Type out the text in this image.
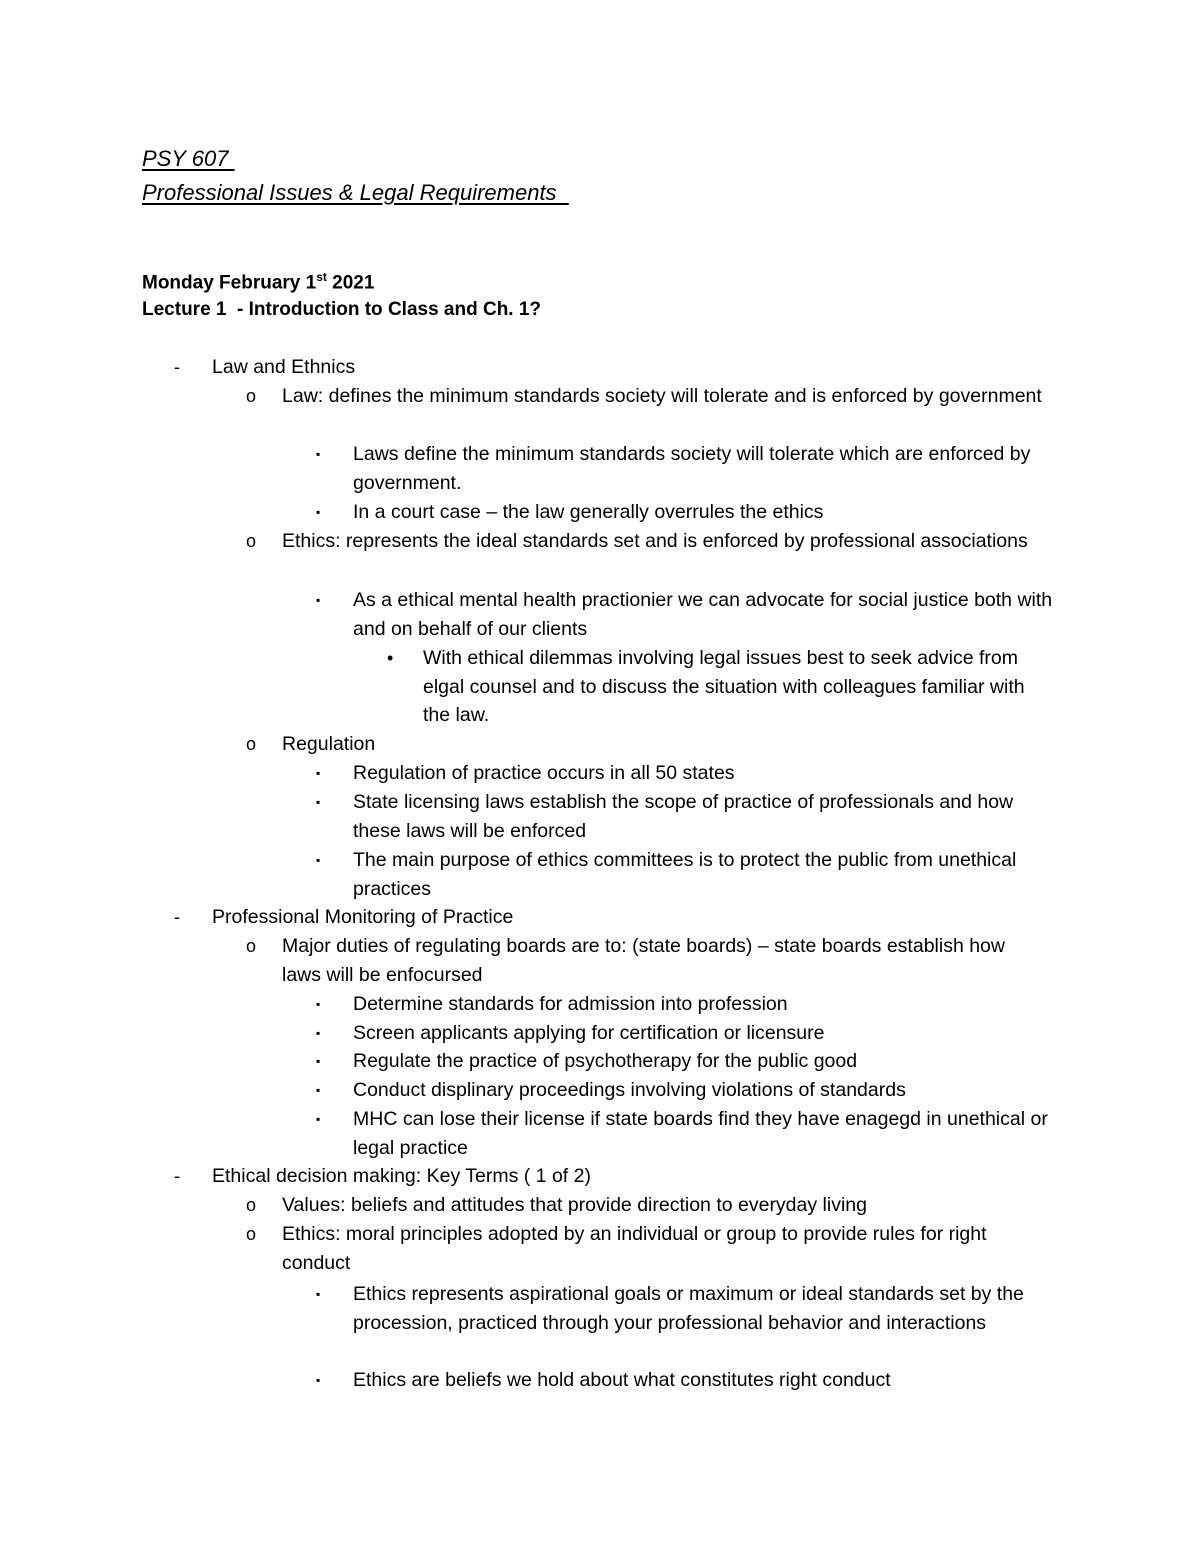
PSY 607
Professional Issues & Legal Requirements
Monday February 1st 2021
Lecture 1  - Introduction to Class and Ch. 1?
- Law and Ethnics
o Law: defines the minimum standards society will tolerate and is enforced by government
▪ Laws define the minimum standards society will tolerate which are enforced by government.
▪ In a court case – the law generally overrules the ethics
o Ethics: represents the ideal standards set and is enforced by professional associations
▪ As a ethical mental health practionier we can advocate for social justice both with and on behalf of our clients
• With ethical dilemmas involving legal issues best to seek advice from elgal counsel and to discuss the situation with colleagues familiar with the law.
o Regulation
▪ Regulation of practice occurs in all 50 states
▪ State licensing laws establish the scope of practice of professionals and how these laws will be enforced
▪ The main purpose of ethics committees is to protect the public from unethical practices
- Professional Monitoring of Practice
o Major duties of regulating boards are to: (state boards) – state boards establish how laws will be enfocursed
▪ Determine standards for admission into profession
▪ Screen applicants applying for certification or licensure
▪ Regulate the practice of psychotherapy for the public good
▪ Conduct displinary proceedings involving violations of standards
▪ MHC can lose their license if state boards find they have enagegd in unethical or legal practice
- Ethical decision making: Key Terms ( 1 of 2)
o Values: beliefs and attitudes that provide direction to everyday living
o Ethics: moral principles adopted by an individual or group to provide rules for right conduct
▪ Ethics represents aspirational goals or maximum or ideal standards set by the procession, practiced through your professional behavior and interactions
▪ Ethics are beliefs we hold about what constitutes right conduct
